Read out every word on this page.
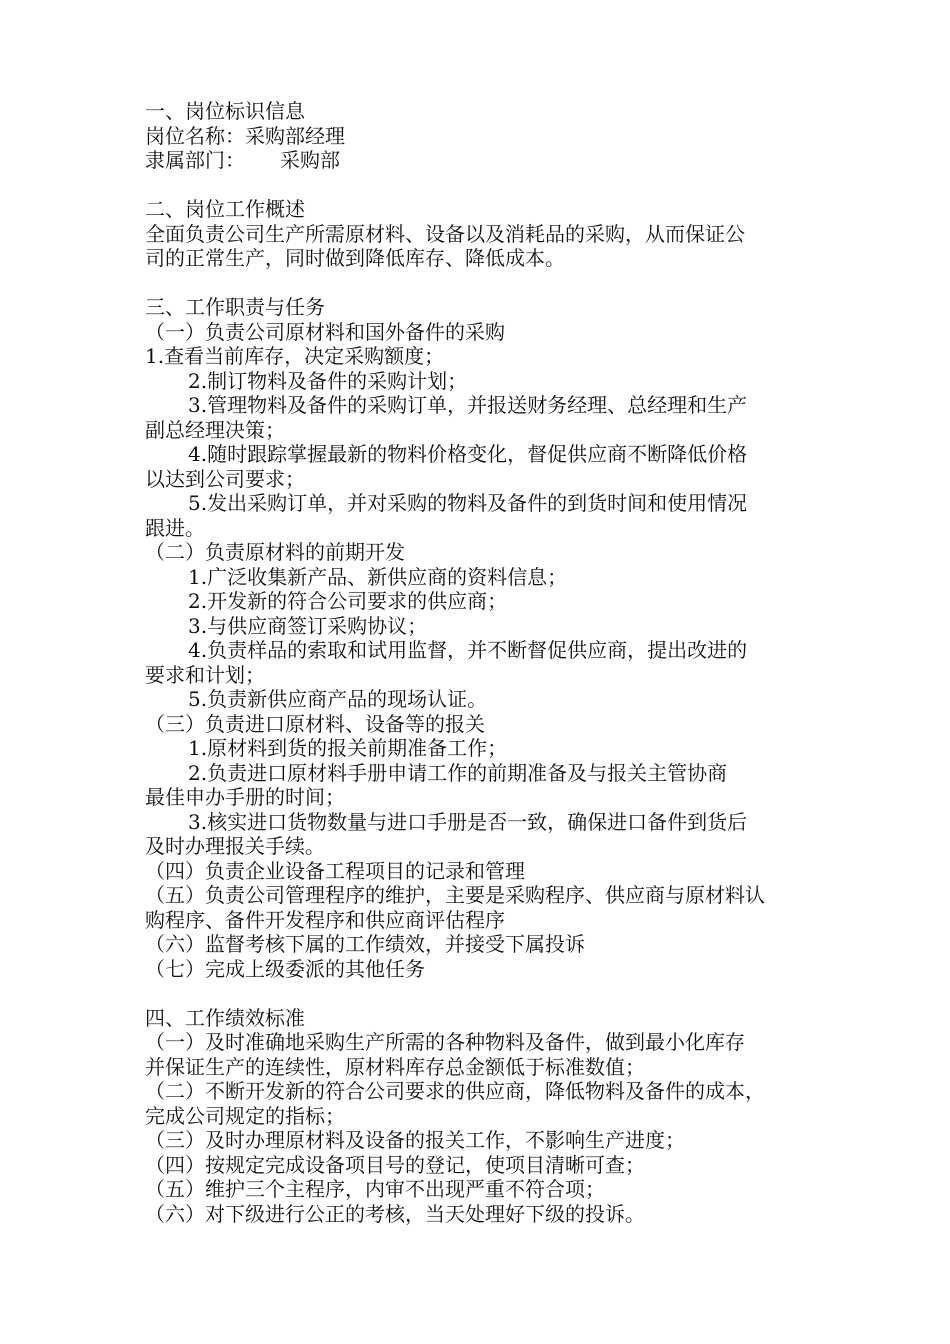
一、岗位标识信息
岗位名称：采购部经理
隶属部门： 采购部
二、岗位工作概述
全面负责公司生产所需原材料、设备以及消耗品的采购，从而保证公
司的正常生产，同时做到降低库存、降低成本。
三、工作职责与任务
（一）负责公司原材料和国外备件的采购
1.查看当前库存，决定采购额度；
2.制订物料及备件的采购计划；
3.管理物料及备件的采购订单，并报送财务经理、总经理和生产
副总经理决策；
4.随时跟踪掌握最新的物料价格变化，督促供应商不断降低价格
以达到公司要求；
5.发出采购订单，并对采购的物料及备件的到货时间和使用情况
跟进。
（二）负责原材料的前期开发
1.广泛收集新产品、新供应商的资料信息；
2.开发新的符合公司要求的供应商；
3.与供应商签订采购协议；
4.负责样品的索取和试用监督，并不断督促供应商，提出改进的
要求和计划；
5.负责新供应商产品的现场认证。
（三）负责进口原材料、设备等的报关
1.原材料到货的报关前期准备工作；
2.负责进口原材料手册申请工作的前期准备及与报关主管协商
最佳申办手册的时间；
3.核实进口货物数量与进口手册是否一致，确保进口备件到货后
及时办理报关手续。
（四）负责企业设备工程项目的记录和管理
（五）负责公司管理程序的维护，主要是采购程序、供应商与原材料认
购程序、备件开发程序和供应商评估程序
（六）监督考核下属的工作绩效，并接受下属投诉
（七）完成上级委派的其他任务
四、工作绩效标准
（一）及时准确地采购生产所需的各种物料及备件，做到最小化库存
并保证生产的连续性，原材料库存总金额低于标准数值；
（二）不断开发新的符合公司要求的供应商，降低物料及备件的成本，
完成公司规定的指标；
（三）及时办理原材料及设备的报关工作，不影响生产进度；
（四）按规定完成设备项目号的登记，使项目清晰可查；
（五）维护三个主程序，内审不出现严重不符合项；
（六）对下级进行公正的考核，当天处理好下级的投诉。
